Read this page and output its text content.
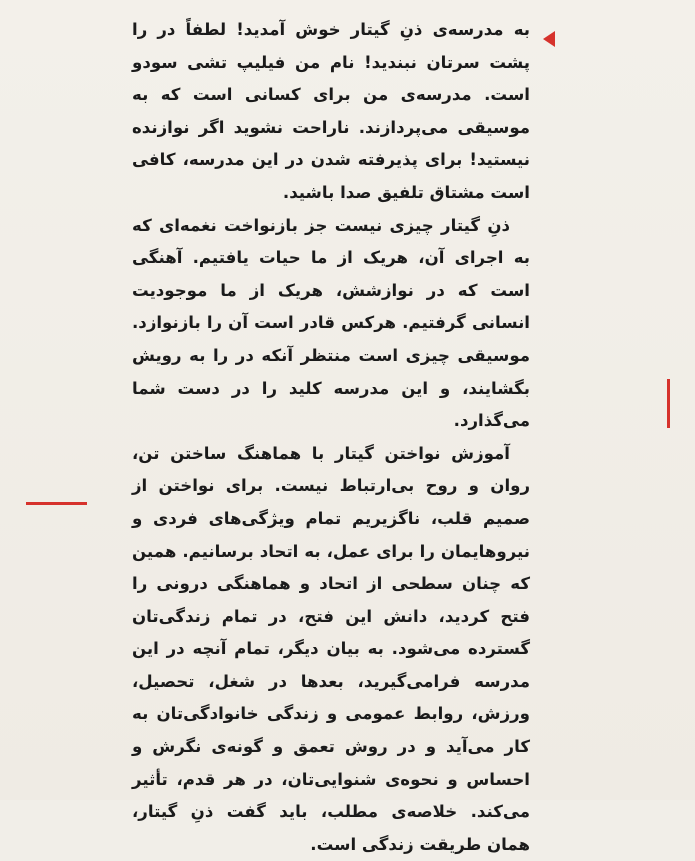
به مدرسه‌ی ذنِ گیتار خوش آمدید! لطفاً در را پشت سرتان نبندید! نام من فیلیپ تشی سودو است. مدرسه‌ی من برای کسانی است که به موسیقی می‌پردازند. ناراحت نشوید اگر نوازنده نیستید! برای پذیرفته شدن در این مدرسه، کافی است مشتاق تلفیق صدا باشید.

ذنِ گیتار چیزی نیست جز بازنواخت نغمه‌ای که به اجرای آن، هریک از ما حیات یافتیم. آهنگی است که در نوازشش، هریک از ما موجودیت انسانی گرفتیم. هرکس قادر است آن را بازنوازد. موسیقی چیزی است منتظر آنکه در را به رویش بگشایند، و این مدرسه کلید را در دست شما می‌گذارد.

آموزش نواختن گیتار با هماهنگ ساختن تن، روان و روح بی‌ارتباط نیست. برای نواختن از صمیم قلب، ناگزیریم تمام ویژگی‌های فردی و نیروهایمان را برای عمل، به اتحاد برسانیم. همین که چنان سطحی از اتحاد و هماهنگی درونی را فتح کردید، دانش این فتح، در تمام زندگی‌تان گسترده می‌شود. به بیان دیگر، تمام آنچه در این مدرسه فرامی‌گیرید، بعدها در شغل، تحصیل، ورزش، روابط عمومی و زندگی خانوادگی‌تان به کار می‌آید و در روش تعمق و گونه‌ی نگرش و احساس و نحوه‌ی شنوایی‌تان، در هر قدم، تأثیر می‌کند. خلاصه‌ی مطلب، باید گفت ذنِ گیتار، همان طریقت زندگی است.
